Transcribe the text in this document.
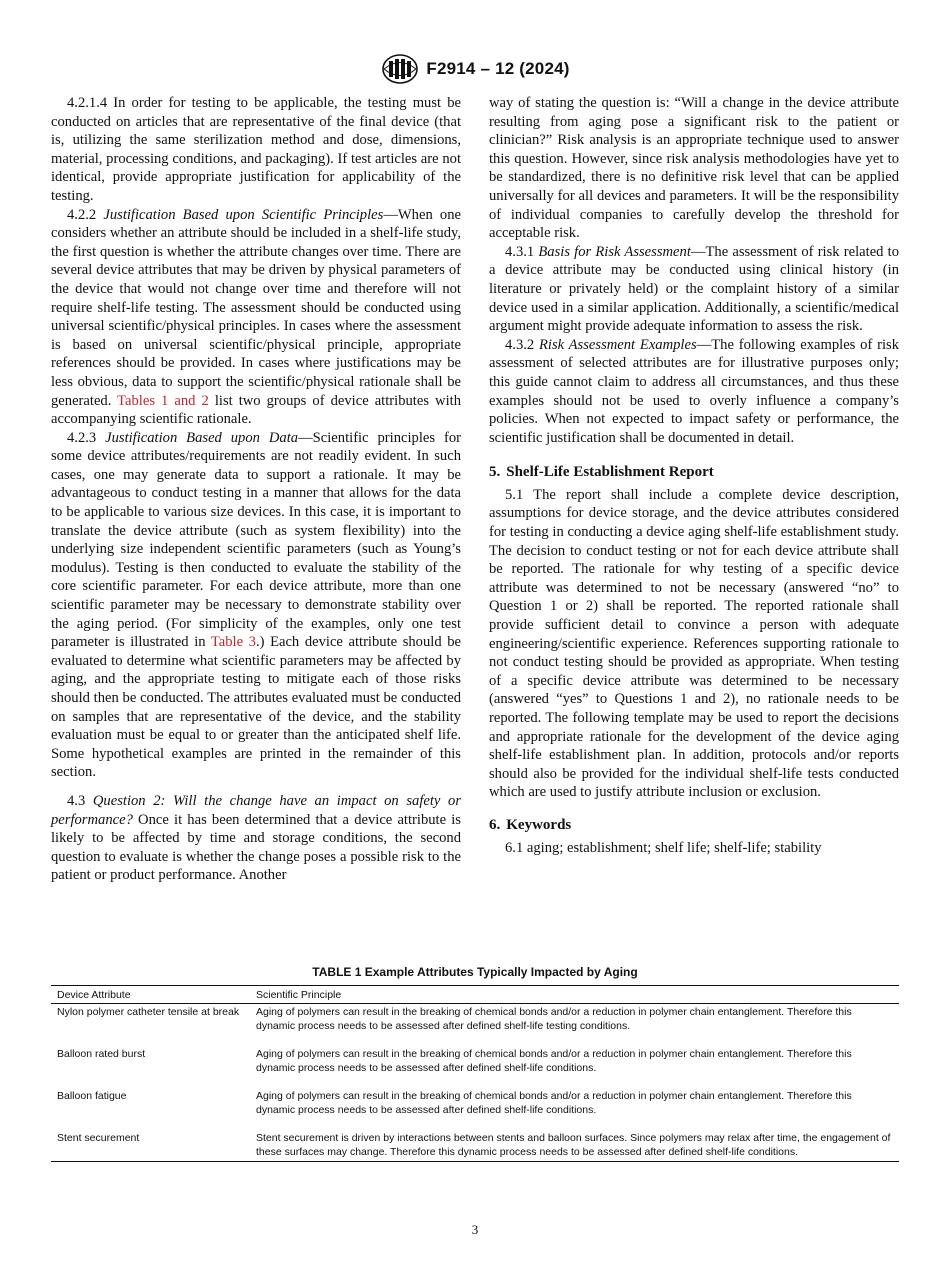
F2914 – 12 (2024)

4.2.1.4 In order for testing to be applicable, the testing must be conducted on articles that are representative of the final device (that is, utilizing the same sterilization method and dose, dimensions, material, processing conditions, and packaging). If test articles are not identical, provide appropriate justification for applicability of the testing.

4.2.2 Justification Based upon Scientific Principles—When one considers whether an attribute should be included in a shelf-life study, the first question is whether the attribute changes over time. There are several device attributes that may be driven by physical parameters of the device that would not change over time and therefore will not require shelf-life testing. The assessment should be conducted using universal scientific/physical principles. In cases where the assessment is based on universal scientific/physical principle, appropriate references should be provided. In cases where justifications may be less obvious, data to support the scientific/physical rationale shall be generated. Tables 1 and 2 list two groups of device attributes with accompanying scientific rationale.

4.2.3 Justification Based upon Data—Scientific principles for some device attributes/requirements are not readily evident. In such cases, one may generate data to support a rationale. It may be advantageous to conduct testing in a manner that allows for the data to be applicable to various size devices. In this case, it is important to translate the device attribute (such as system flexibility) into the underlying size independent scientific parameters (such as Young’s modulus). Testing is then conducted to evaluate the stability of the core scientific parameter. For each device attribute, more than one scientific parameter may be necessary to demonstrate stability over the aging period. (For simplicity of the examples, only one test parameter is illustrated in Table 3.) Each device attribute should be evaluated to determine what scientific parameters may be affected by aging, and the appropriate testing to mitigate each of those risks should then be conducted. The attributes evaluated must be conducted on samples that are representative of the device, and the stability evaluation must be equal to or greater than the anticipated shelf life. Some hypothetical examples are printed in the remainder of this section.

4.3 Question 2: Will the change have an impact on safety or performance? Once it has been determined that a device attribute is likely to be affected by time and storage conditions, the second question to evaluate is whether the change poses a possible risk to the patient or product performance. Another

way of stating the question is: “Will a change in the device attribute resulting from aging pose a significant risk to the patient or clinician?” Risk analysis is an appropriate technique used to answer this question. However, since risk analysis methodologies have yet to be standardized, there is no definitive risk level that can be applied universally for all devices and parameters. It will be the responsibility of individual companies to carefully develop the threshold for acceptable risk.

4.3.1 Basis for Risk Assessment—The assessment of risk related to a device attribute may be conducted using clinical history (in literature or privately held) or the complaint history of a similar device used in a similar application. Additionally, a scientific/medical argument might provide adequate information to assess the risk.

4.3.2 Risk Assessment Examples—The following examples of risk assessment of selected attributes are for illustrative purposes only; this guide cannot claim to address all circumstances, and thus these examples should not be used to overly influence a company’s policies. When not expected to impact safety or performance, the scientific justification shall be documented in detail.

5. Shelf-Life Establishment Report

5.1 The report shall include a complete device description, assumptions for device storage, and the device attributes considered for testing in conducting a device aging shelf-life establishment study. The decision to conduct testing or not for each device attribute shall be reported. The rationale for why testing of a specific device attribute was determined to not be necessary (answered “no” to Question 1 or 2) shall be reported. The reported rationale shall provide sufficient detail to convince a person with adequate engineering/scientific experience. References supporting rationale to not conduct testing should be provided as appropriate. When testing of a specific device attribute was determined to be necessary (answered “yes” to Questions 1 and 2), no rationale needs to be reported. The following template may be used to report the decisions and appropriate rationale for the development of the device aging shelf-life establishment plan. In addition, protocols and/or reports should also be provided for the individual shelf-life tests conducted which are used to justify attribute inclusion or exclusion.

6. Keywords

6.1 aging; establishment; shelf life; shelf-life; stability

TABLE 1 Example Attributes Typically Impacted by Aging
Device Attribute	Scientific Principle
Nylon polymer catheter tensile at break	Aging of polymers can result in the breaking of chemical bonds and/or a reduction in polymer chain entanglement. Therefore this dynamic process needs to be assessed after defined shelf-life testing conditions.
Balloon rated burst	Aging of polymers can result in the breaking of chemical bonds and/or a reduction in polymer chain entanglement. Therefore this dynamic process needs to be assessed after defined shelf-life conditions.
Balloon fatigue	Aging of polymers can result in the breaking of chemical bonds and/or a reduction in polymer chain entanglement. Therefore this dynamic process needs to be assessed after defined shelf-life conditions.
Stent securement	Stent securement is driven by interactions between stents and balloon surfaces. Since polymers may relax after time, the engagement of these surfaces may change. Therefore this dynamic process needs to be assessed after defined shelf-life conditions.
3
